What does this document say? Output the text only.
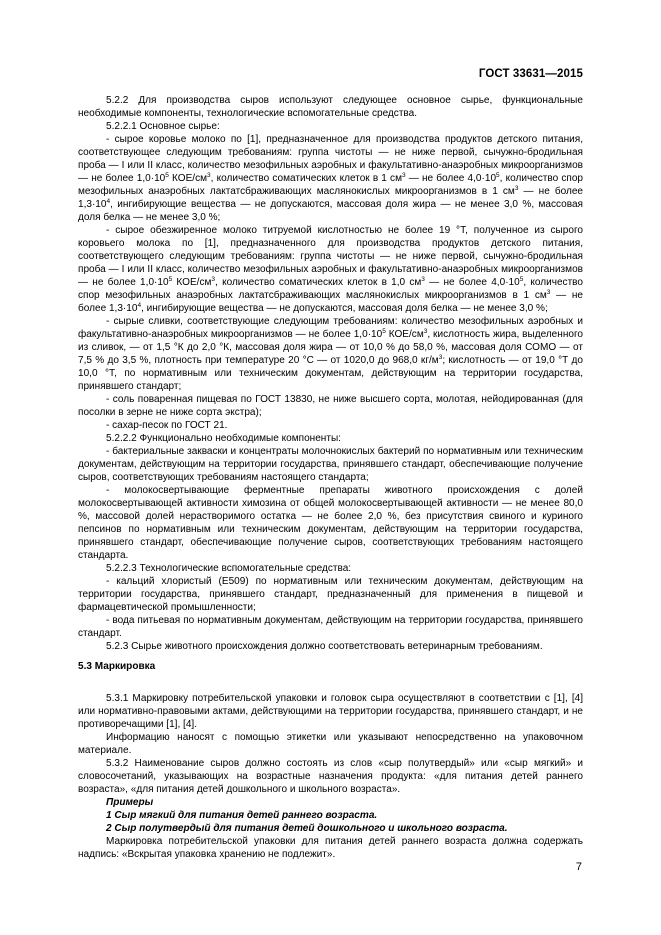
ГОСТ 33631—2015

5.2.2 Для производства сыров используют следующее основное сырье, функциональные необходимые компоненты, технологические вспомогательные средства.

5.2.2.1 Основное сырье:

- сырое коровье молоко по [1], предназначенное для производства продуктов детского питания, соответствующее следующим требованиям: группа чистоты — не ниже первой, сычужно-бродильная проба — I или II класс, количество мезофильных аэробных и факультативно-анаэробных микроорганизмов — не более $1,0\cdot 10^5$ КОЕ/$см^3$, количество соматических клеток в 1 $см^3$ — не более $4,0\cdot 10^5$, количество спор мезофильных анаэробных лактатсбраживающих маслянокислых микроорганизмов в 1 $см^3$ — не более $1,3\cdot 10^4$, ингибирующие вещества — не допускаются, массовая доля жира — не менее 3,0 %, массовая доля белка — не менее 3,0 %;

- сырое обезжиренное молоко титруемой кислотностью не более 19 °Т, полученное из сырого коровьего молока по [1], предназначенного для производства продуктов детского питания, соответствующего следующим требованиям: группа чистоты — не ниже первой, сычужно-бродильная проба — I или II класс, количество мезофильных аэробных и факультативно-анаэробных микроорганизмов — не более $1,0\cdot 10^5$ КОЕ/$см^3$, количество соматических клеток в 1,0 $см^3$ — не более $4,0\cdot 10^5$, количество спор мезофильных анаэробных лактатсбраживающих маслянокислых микроорганизмов в 1 $см^3$ — не более $1,3\cdot 10^4$, ингибирующие вещества — не допускаются, массовая доля белка — не менее 3,0 %;

- сырые сливки, соответствующие следующим требованиям: количество мезофильных аэробных и факультативно-анаэробных микроорганизмов — не более $1,0\cdot 10^5$ КОЕ/$см^3$, кислотность жира, выделенного из сливок, — от 1,5 °К до 2,0 °К, массовая доля жира — от 10,0 % до 58,0 %, массовая доля СОМО — от 7,5 % до 3,5 %, плотность при температуре 20 °С — от 1020,0 до 968,0 $кг/м^3$; кислотность — от 19,0 °Т до 10,0 °Т, по нормативным или техническим документам, действующим на территории государства, принявшего стандарт;

- соль поваренная пищевая по ГОСТ 13830, не ниже высшего сорта, молотая, нейодированная (для посолки в зерне не ниже сорта экстра);

- сахар-песок по ГОСТ 21.

5.2.2.2 Функционально необходимые компоненты:

- бактериальные закваски и концентраты молочнокислых бактерий по нормативным или техническим документам, действующим на территории государства, принявшего стандарт, обеспечивающие получение сыров, соответствующих требованиям настоящего стандарта;

- молокосвертывающие ферментные препараты животного происхождения с долей молокосвертывающей активности химозина от общей молокосвертывающей активности — не менее 80,0 %, массовой долей нерастворимого остатка — не более 2,0 %, без присутствия свиного и куриного пепсинов по нормативным или техническим документам, действующим на территории государства, принявшего стандарт, обеспечивающие получение сыров, соответствующих требованиям настоящего стандарта.

5.2.2.3 Технологические вспомогательные средства:

- кальций хлористый (Е509) по нормативным или техническим документам, действующим на территории государства, принявшего стандарт, предназначенный для применения в пищевой и фармацевтической промышленности;

- вода питьевая по нормативным документам, действующим на территории государства, принявшего стандарт.

5.2.3 Сырье животного происхождения должно соответствовать ветеринарным требованиям.

5.3 Маркировка

5.3.1 Маркировку потребительской упаковки и головок сыра осуществляют в соответствии с [1], [4] или нормативно-правовыми актами, действующими на территории государства, принявшего стандарт, и не противоречащими [1], [4].

Информацию наносят с помощью этикетки или указывают непосредственно на упаковочном материале.

5.3.2 Наименование сыров должно состоять из слов «сыр полутвердый» или «сыр мягкий» и словосочетаний, указывающих на возрастные назначения продукта: «для питания детей раннего возраста», «для питания детей дошкольного и школьного возраста».

Примеры

1 Сыр мягкий для питания детей раннего возраста.

2 Сыр полутвердый для питания детей дошкольного и школьного возраста.

Маркировка потребительской упаковки для питания детей раннего возраста должна содержать надпись: «Вскрытая упаковка хранению не подлежит».

7
